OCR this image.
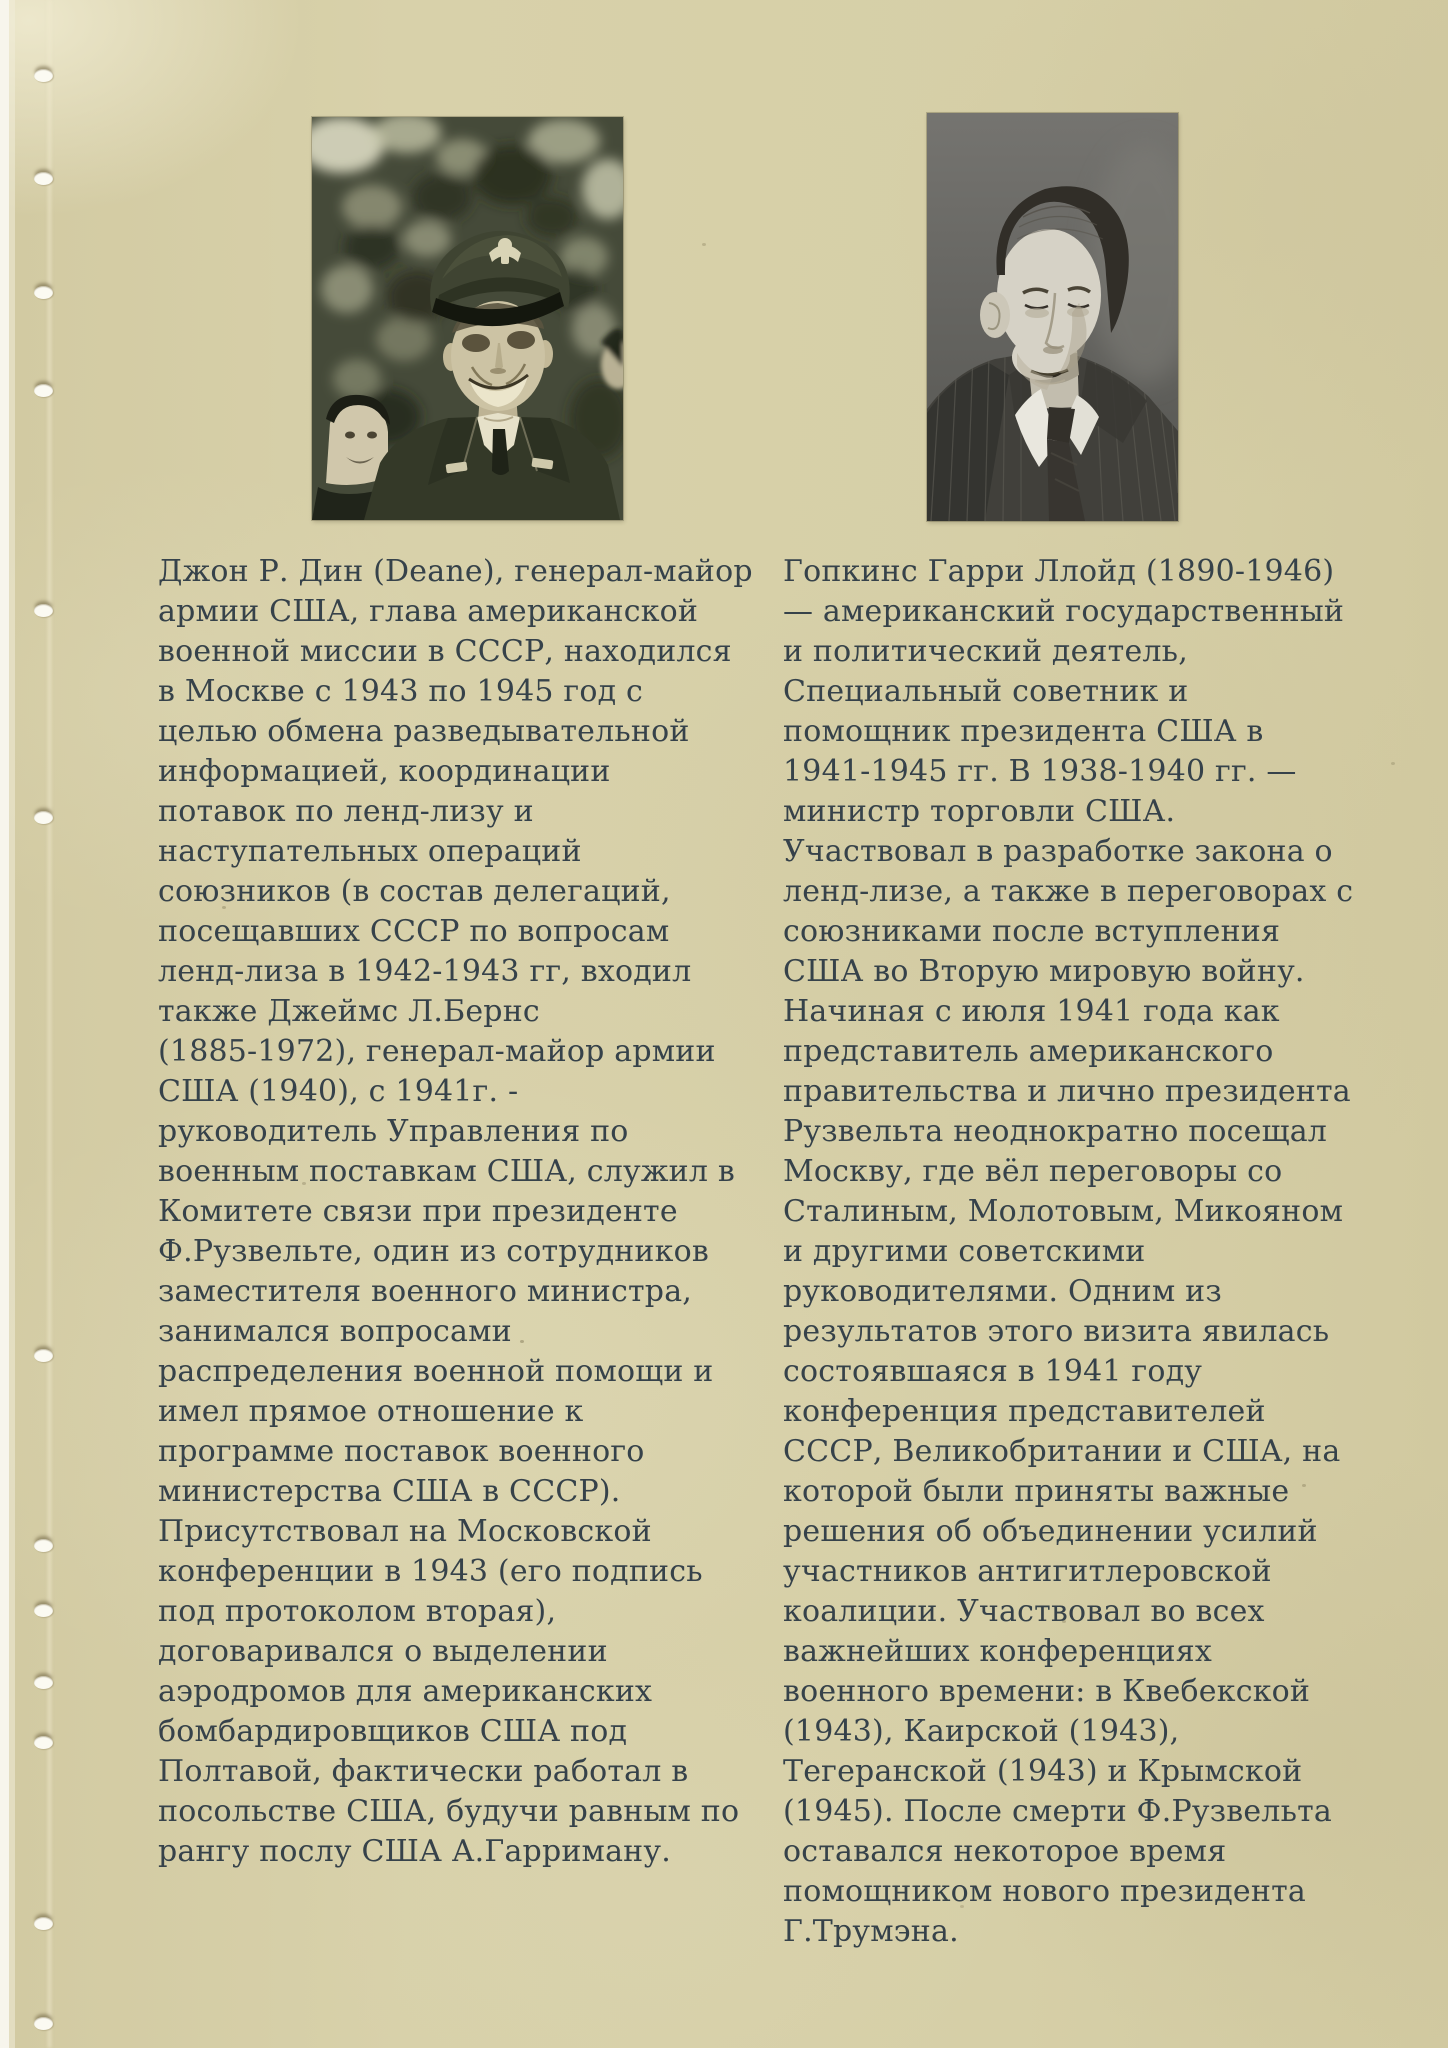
Джон Р. Дин (Deane), генерал-майор
армии США, глава американской
военной миссии в СССР, находился
в Москве с 1943 по 1945 год с
целью обмена разведывательной
информацией, координации
потавок по ленд-лизу и
наступательных операций
союзников (в состав делегаций,
посещавших СССР по вопросам
ленд-лиза в 1942-1943 гг, входил
также Джеймс Л.Бернс
(1885-1972), генерал-майор армии
США (1940), с 1941г. -
руководитель Управления по
военным поставкам США, служил в
Комитете связи при президенте
Ф.Рузвельте, один из сотрудников
заместителя военного министра,
занимался вопросами
распределения военной помощи и
имел прямое отношение к
программе поставок военного
министерства США в СССР).
Присутствовал на Московской
конференции в 1943 (его подпись
под протоколом вторая),
договаривался о выделении
аэродромов для американских
бомбардировщиков США под
Полтавой, фактически работал в
посольстве США, будучи равным по
рангу послу США А.Гарриману.
Гопкинс Гарри Ллойд (1890-1946)
— американский государственный
и политический деятель,
Специальный советник и
помощник президента США в
1941-1945 гг. В 1938-1940 гг. —
министр торговли США.
Участвовал в разработке закона о
ленд-лизе, а также в переговорах с
союзниками после вступления
США во Вторую мировую войну.
Начиная с июля 1941 года как
представитель американского
правительства и лично президента
Рузвельта неоднократно посещал
Москву, где вёл переговоры со
Сталиным, Молотовым, Микояном
и другими советскими
руководителями. Одним из
результатов этого визита явилась
состоявшаяся в 1941 году
конференция представителей
СССР, Великобритании и США, на
которой были приняты важные
решения об объединении усилий
участников антигитлеровской
коалиции. Участвовал во всех
важнейших конференциях
военного времени: в Квебекской
(1943), Каирской (1943),
Тегеранской (1943) и Крымской
(1945). После смерти Ф.Рузвельта
оставался некоторое время
помощником нового президента
Г.Трумэна.
